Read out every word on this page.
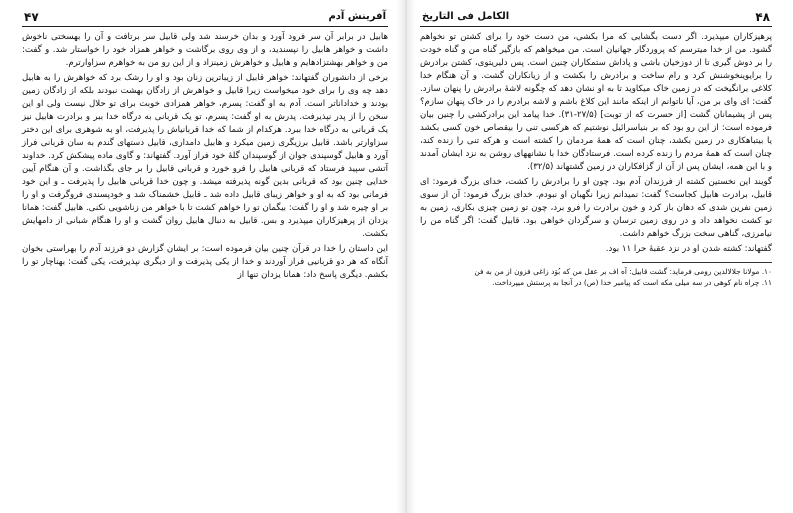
آفرینش آدم
۴۷

هابیل در برابر آن سر فرود آورد و بدان خرسند شد ولی قابیل سر برتافت و آن را بهسختی ناخوش داشت و خواهر هابیل را نپسندید، و از وی روی برگاشت و خواهر همزاد خود را خواستار شد. و گفت: من و خواهر بهشتزادهایم و هابیل و خواهرش زمینزاد و از این رو من به خواهرم سزاوارترم.

برخی از دانشوران گفتهاند: خواهر قابیل از زیباترین زنان بود و او را رشک برد که خواهرش را به هابیل دهد چه وی را برای خود میخواست زیرا قابیل و خواهرش از زادگان بهشت نبودند بلکه از زادگان زمین بودند و خداداناتر است. آدم به او گفت: پسرم، خواهر همزادی خوبت برای تو حلال نیست ولی او این سخن را از پدر نپذیرفت. پدرش به او گفت: پسرم، تو یک قربانی به درگاه خدا ببر و برادرت هابیل نیز یک قربانی به درگاه خدا ببرد. هرکدام از شما که خدا قربانیاش را پذیرفت، او به شوهری برای این دختر سزاوارتر باشد. قابیل برزیگری زمین میکرد و هابیل دامداری، قابیل دستهای گندم به سان قربانی فراز آورد و هابیل گوسپندی جوان از گوسپندان گلهٔ خود فراز آورد. گفتهاند: و گاوی ماده پیشکش کرد. خداوند آتشی سپید فرستاد که قربانی هابیل را فرو خورد و قربانی قابیل را بر جای بگذاشت. و آن هنگام آیین خدایی چنین بود که قربانی بدین گونه پذیرفته میشد. و چون خدا قربانی هابیل را پذیرفت ـ و این خود فرمانی بود که به او و خواهر زیبای قابیل داده شد ـ قابیل خشمناک شد و خودپسندی فروگرفت و او را بر او چیره شد و او را گفت: بیگمان تو را خواهم کشت تا با خواهر من زناشویی نکنی. هابیل گفت: همانا یزدان از پرهیزکاران میپذیرد و بس. قابیل به دنبال هابیل روان گشت و او را هنگام شبانی از دامهایش بکشت.

این داستان را خدا در قرآن چنین بیان فرموده است: بر ایشان گزارش دو فرزند آدم را بهراستی بخوان آنگاه که هر دو قربانیی فراز آوردند و خدا از یکی پذیرفت و از دیگری نپذیرفت، یکی گفت: بهناچار تو را بکشم. دیگری پاسخ داد: همانا یزدان تنها از

۴۸
الکامل فی التاریخ

پرهیزکاران میپذیرد. اگر دست بگشایی که مرا بکشی، من دست خود را برای کشتن تو نخواهم گشود. من از خدا میترسم که پروردگار جهانیان است. من میخواهم که بازگیر گناه من و گناه خودت را بر دوش گیری تا از دوزخیان باشی و پاداش ستمکاران چنین است. پس دلیریتوی، کشتن برادرش را برایوینخوشنش کرد و رام ساخت و برادرش را بکشت و از زیانکاران گشت. و آن هنگام خدا کلاغی برانگیخت که در زمین خاک میکاوید تا به او نشان دهد که چگونه لاشهٔ برادرش را پنهان سازد. گفت: ای وای بر من، آیا ناتوانم از اینکه مانند این کلاغ باشم و لاشه برادرم را در خاک پنهان سازم؟ پس از پشیمانان گشت [از حسرت که از توبت] (۲۷/۵-۳۱). خدا پیامد این برادرکشی را چنین بیان فرموده است: از این رو بود که بر بنیاسرائیل نوشتیم که هرکسی تنی را بیقصاص خون کسی بکشد یا بیتباهکاری در زمین بکشد، چنان است که همهٔ مردمان را کشته است و هرکه تنی را زنده کند، چنان است که همهٔ مردم را زنده کرده است. فرستادگان خدا با نشانههای روشن به نزد ایشان آمدند و با این همه، ایشان پس از آن از گزافکاران در زمین گشتهاند (۳۲/۵).

گویند این نخستین کشته از فرزندان آدم بود. چون او را برادرش را کشت، خدای بزرگ فرمود: ای قابیل، برادرت هابیل کجاست؟ گفت: نمیدانم زیرا نگهبان او نبودم. خدای بزرگ فرمود: آن از سوی زمین نفرین شدی که دهان باز کرد و خون برادرت را فرو برد، چون تو زمین چیزی بکاری، زمین به تو کشت نخواهد داد و در روی زمین ترسان و سرگردان خواهی بود. قابیل گفت: اگر گناه من را نیامرزی، گناهی سخت بزرگ خواهم داشت.

گفتهاند: کشته شدن او در نزد عقبهٔ حرا ۱۱ بود.

۱۰. مولانا جلالالدین رومی فرماید: گشت قابیل: آه اف بر عقل من که بُوَد زاغی فزون از من به فن

۱۱. چراه نام کوهی در سه میلی مکه است که پیامبر خدا (ص) در آنجا به پرستش میپرداخت.
